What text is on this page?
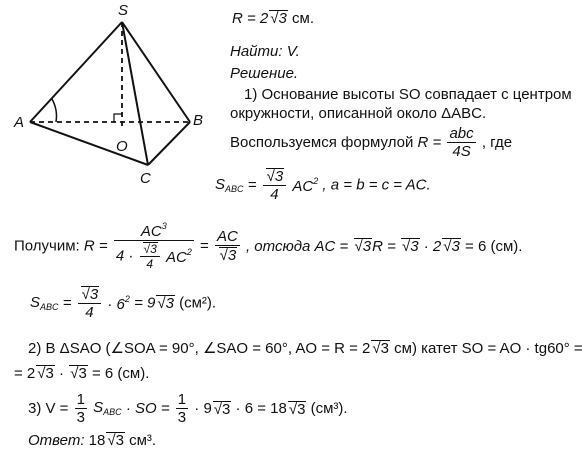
S
A	B
O
C
R = 2√ 3 см.
Найти: V.
Решение.
1) Основание высоты SO совпадает с центром
окружности, описанной около ΔABC.
Воспользуемся формулой $R = \frac{\text{abc}}{4S}$ , где
$S_{ABC}$ =
√ $\frac{3}{4} AC^2$ , a = b = c = AC.
Получим: $R = AC^3$
4 ·
√ $\frac{3}{4} AC^2$ = AC
√ 3 , отсюда AC = √ 3R = √ 3 · 2√ 3 = 6 (см).
$S_{ABC}$ =
√ $\frac{3}{4} \cdot 6^2 = 9√$ 3 (см²).
2) В ΔSAO (∠SOA = 90°, ∠SAO = 60°, AO = R = 2√ 3 см) катет SO = AO · tg60° =
= 2√ 3 · √ 3 = 6 (см).
3) $V = \frac{1}{3} S_{ABC}$ · SO = $\frac{1}{3} \cdot 9√$ 3 · 6 = 18√ 3 (см³).
Ответ: 18√ 3 см³.
